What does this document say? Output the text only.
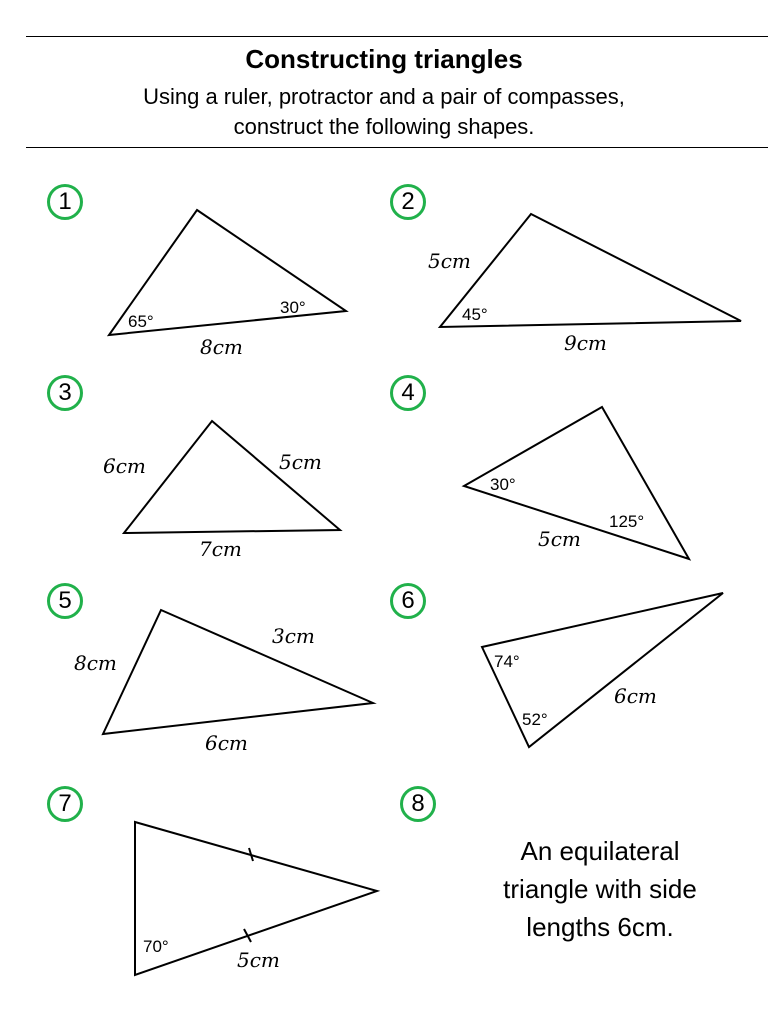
Constructing triangles
Using a ruler, protractor and a pair of compasses,
construct the following shapes.
1	2
3	4
5	6
7	8
65°
30°
8cm
5cm
45°
9cm
6cm	5cm
7cm
30°
125°
5cm
8cm
3cm
6cm
74°
52°
6cm
70°
5cm
An equilateral
triangle with side
lengths 6cm.
